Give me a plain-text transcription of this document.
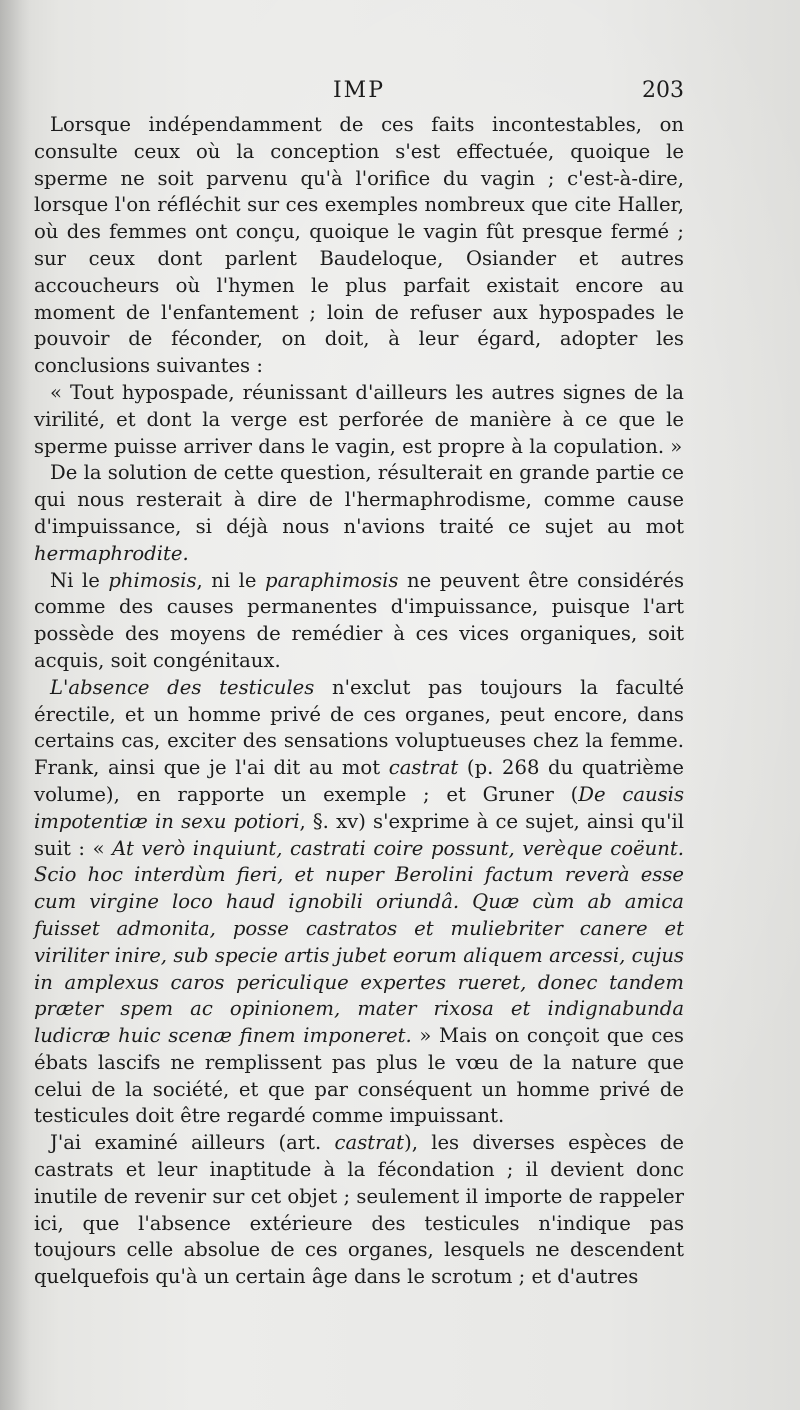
IMP	203

Lorsque indépendamment de ces faits incontestables, on consulte ceux où la conception s'est effectuée, quoique le sperme ne soit parvenu qu'à l'orifice du vagin ; c'est-à-dire, lorsque l'on réfléchit sur ces exemples nombreux que cite Haller, où des femmes ont conçu, quoique le vagin fût presque fermé ; sur ceux dont parlent Baudeloque, Osiander et autres accoucheurs où l'hymen le plus parfait existait encore au moment de l'enfantement ; loin de refuser aux hypospades le pouvoir de féconder, on doit, à leur égard, adopter les conclusions suivantes :

« Tout hypospade, réunissant d'ailleurs les autres signes de la virilité, et dont la verge est perforée de manière à ce que le sperme puisse arriver dans le vagin, est propre à la copulation. »

De la solution de cette question, résulterait en grande partie ce qui nous resterait à dire de l'hermaphrodisme, comme cause d'impuissance, si déjà nous n'avions traité ce sujet au mot hermaphrodite.

Ni le phimosis, ni le paraphimosis ne peuvent être considérés comme des causes permanentes d'impuissance, puisque l'art possède des moyens de remédier à ces vices organiques, soit acquis, soit congénitaux.

L'absence des testicules n'exclut pas toujours la faculté érectile, et un homme privé de ces organes, peut encore, dans certains cas, exciter des sensations voluptueuses chez la femme. Frank, ainsi que je l'ai dit au mot castrat (p. 268 du quatrième volume), en rapporte un exemple ; et Gruner (De causis impotentiæ in sexu potiori, §. xv) s'exprime à ce sujet, ainsi qu'il suit : « At verò inquiunt, castrati coire possunt, verèque coëunt. Scio hoc interdùm fieri, et nuper Berolini factum reverà esse cum virgine loco haud ignobili oriundâ. Quæ cùm ab amica fuisset admonita, posse castratos et muliebriter canere et viriliter inire, sub specie artis jubet eorum aliquem arcessi, cujus in amplexus caros periculique expertes rueret, donec tandem præter spem ac opinionem, mater rixosa et indignabunda ludicræ huic scenæ finem imponeret. » Mais on conçoit que ces ébats lascifs ne remplissent pas plus le vœu de la nature que celui de la société, et que par conséquent un homme privé de testicules doit être regardé comme impuissant.

J'ai examiné ailleurs (art. castrat), les diverses espèces de castrats et leur inaptitude à la fécondation ; il devient donc inutile de revenir sur cet objet ; seulement il importe de rappeler ici, que l'absence extérieure des testicules n'indique pas toujours celle absolue de ces organes, lesquels ne descendent quelquefois qu'à un certain âge dans le scrotum ; et d'autres
